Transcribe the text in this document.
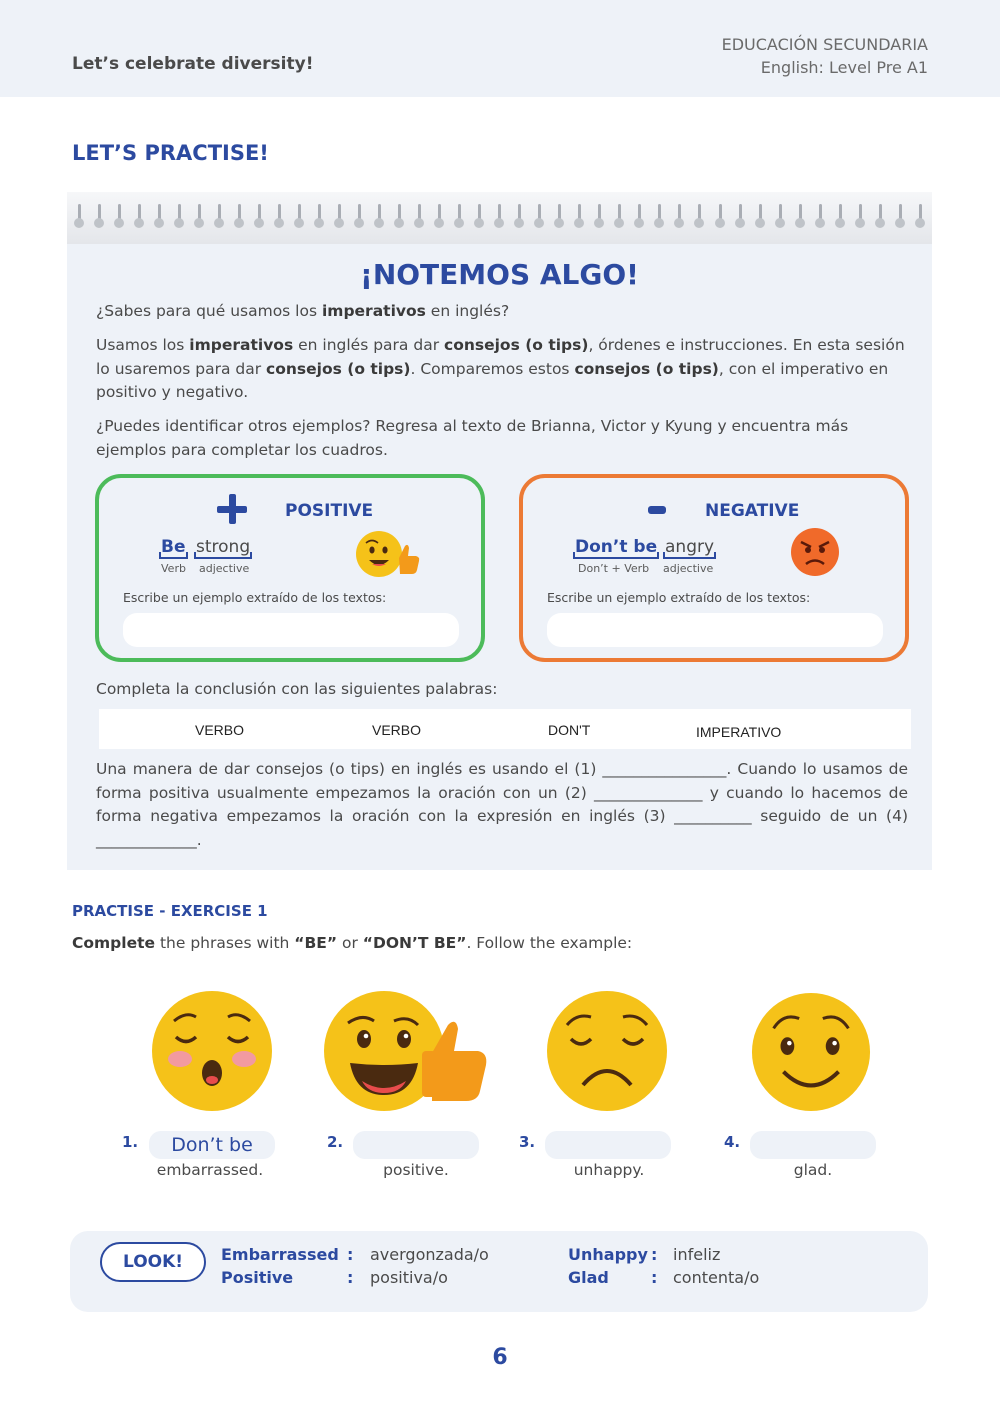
Let’s celebrate diversity!
EDUCACIÓN SECUNDARIA
English: Level Pre A1
LET’S PRACTISE!
¡NOTEMOS ALGO!

¿Sabes para qué usamos los imperativos en inglés?

Usamos los imperativos en inglés para dar consejos (o tips), órdenes e instrucciones. En esta sesión lo usaremos para dar consejos (o tips). Comparemos estos consejos (o tips), con el imperativo en positivo y negativo.

¿Puedes identificar otros ejemplos? Regresa al texto de Brianna, Victor y Kyung y encuentra más ejemplos para completar los cuadros.

POSITIVE
Be
Verb
strong
adjective
Escribe un ejemplo extraído de los textos:
NEGATIVE
Don’t be
Don’t + Verb
angry
adjective
Escribe un ejemplo extraído de los textos:

Completa la conclusión con las siguientes palabras:

VERBO	VERBO	DON'T	IMPERATIVO

Una manera de dar consejos (o tips) en inglés es usando el (1) ________________. Cuando lo usamos de forma positiva usualmente empezamos la oración con un (2) ______________ y cuando lo hacemos de forma negativa empezamos la oración con la expresión en inglés (3) __________ seguido de un (4) _____________.

PRACTISE - EXERCISE 1

Complete the phrases with “BE” or “DON’T BE”. Follow the example:

1.	Don’t be
embarrassed.
2.
positive.
3.
unhappy.
4.
glad.
LOOK!	Embarrassed : avergonzada/o
Positive	: positiva/o
Unhappy : infeliz
Glad	: contenta/o
6
